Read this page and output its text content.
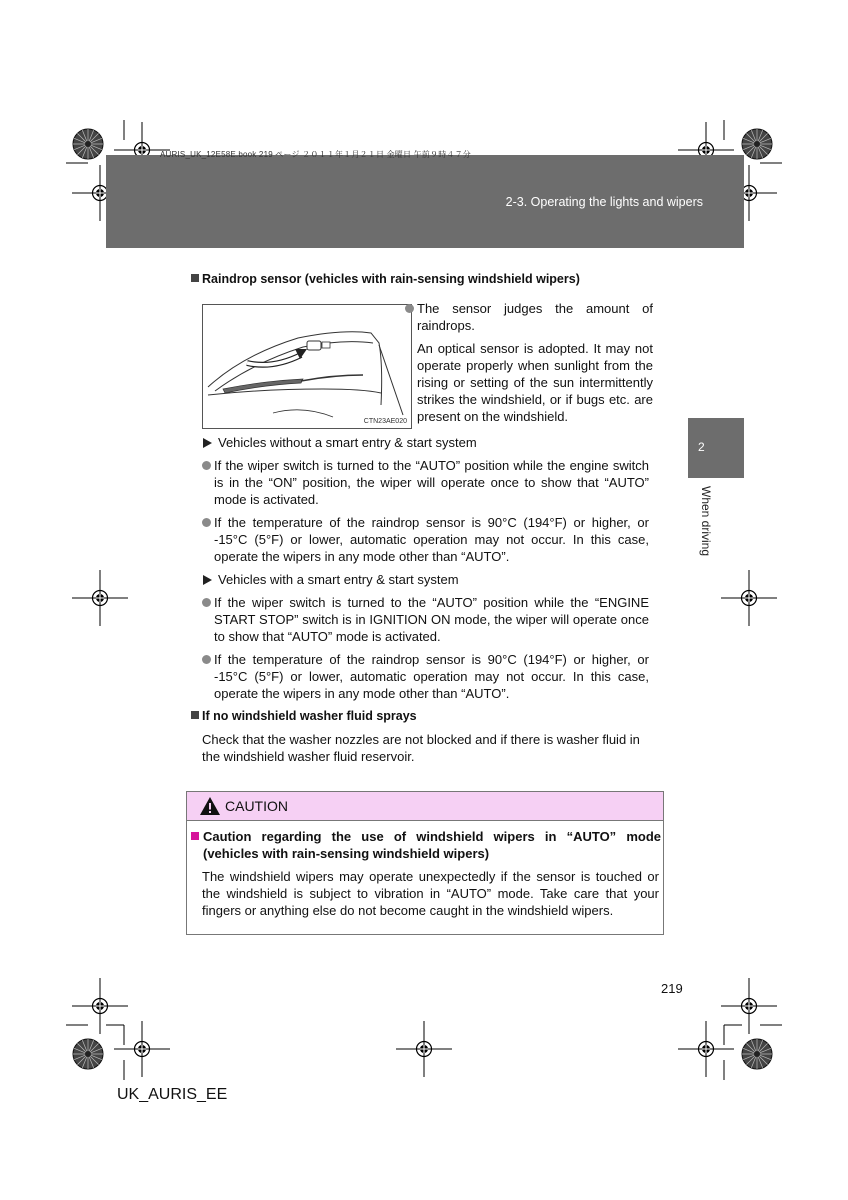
AURIS_UK_12E58E.book 219 ページ ２０１１年１月２１日 金曜日 午前９時４７分
2-3. Operating the lights and wipers
2
When driving
Raindrop sensor (vehicles with rain-sensing windshield wipers)
CTN23AE020
The sensor judges the amount of raindrops.
An optical sensor is adopted. It may not operate properly when sunlight from the rising or setting of the sun intermittently strikes the windshield, or if bugs etc. are present on the windshield.
Vehicles without a smart entry & start system
If the wiper switch is turned to the “AUTO” position while the engine switch is in the “ON” position, the wiper will operate once to show that “AUTO” mode is activated.
If the temperature of the raindrop sensor is 90°C (194°F) or higher, or -15°C (5°F) or lower, automatic operation may not occur. In this case, operate the wipers in any mode other than “AUTO”.
Vehicles with a smart entry & start system
If the wiper switch is turned to the “AUTO” position while the “ENGINE START STOP” switch is in IGNITION ON mode, the wiper will operate once to show that “AUTO” mode is activated.
If the temperature of the raindrop sensor is 90°C (194°F) or higher, or -15°C (5°F) or lower, automatic operation may not occur. In this case, operate the wipers in any mode other than “AUTO”.
If no windshield washer fluid sprays
Check that the washer nozzles are not blocked and if there is washer fluid in the windshield washer fluid reservoir.
CAUTION
Caution regarding the use of windshield wipers in “AUTO” mode (vehicles with rain-sensing windshield wipers)
The windshield wipers may operate unexpectedly if the sensor is touched or the windshield is subject to vibration in “AUTO” mode. Take care that your fingers or anything else do not become caught in the windshield wipers.
219
UK_AURIS_EE
